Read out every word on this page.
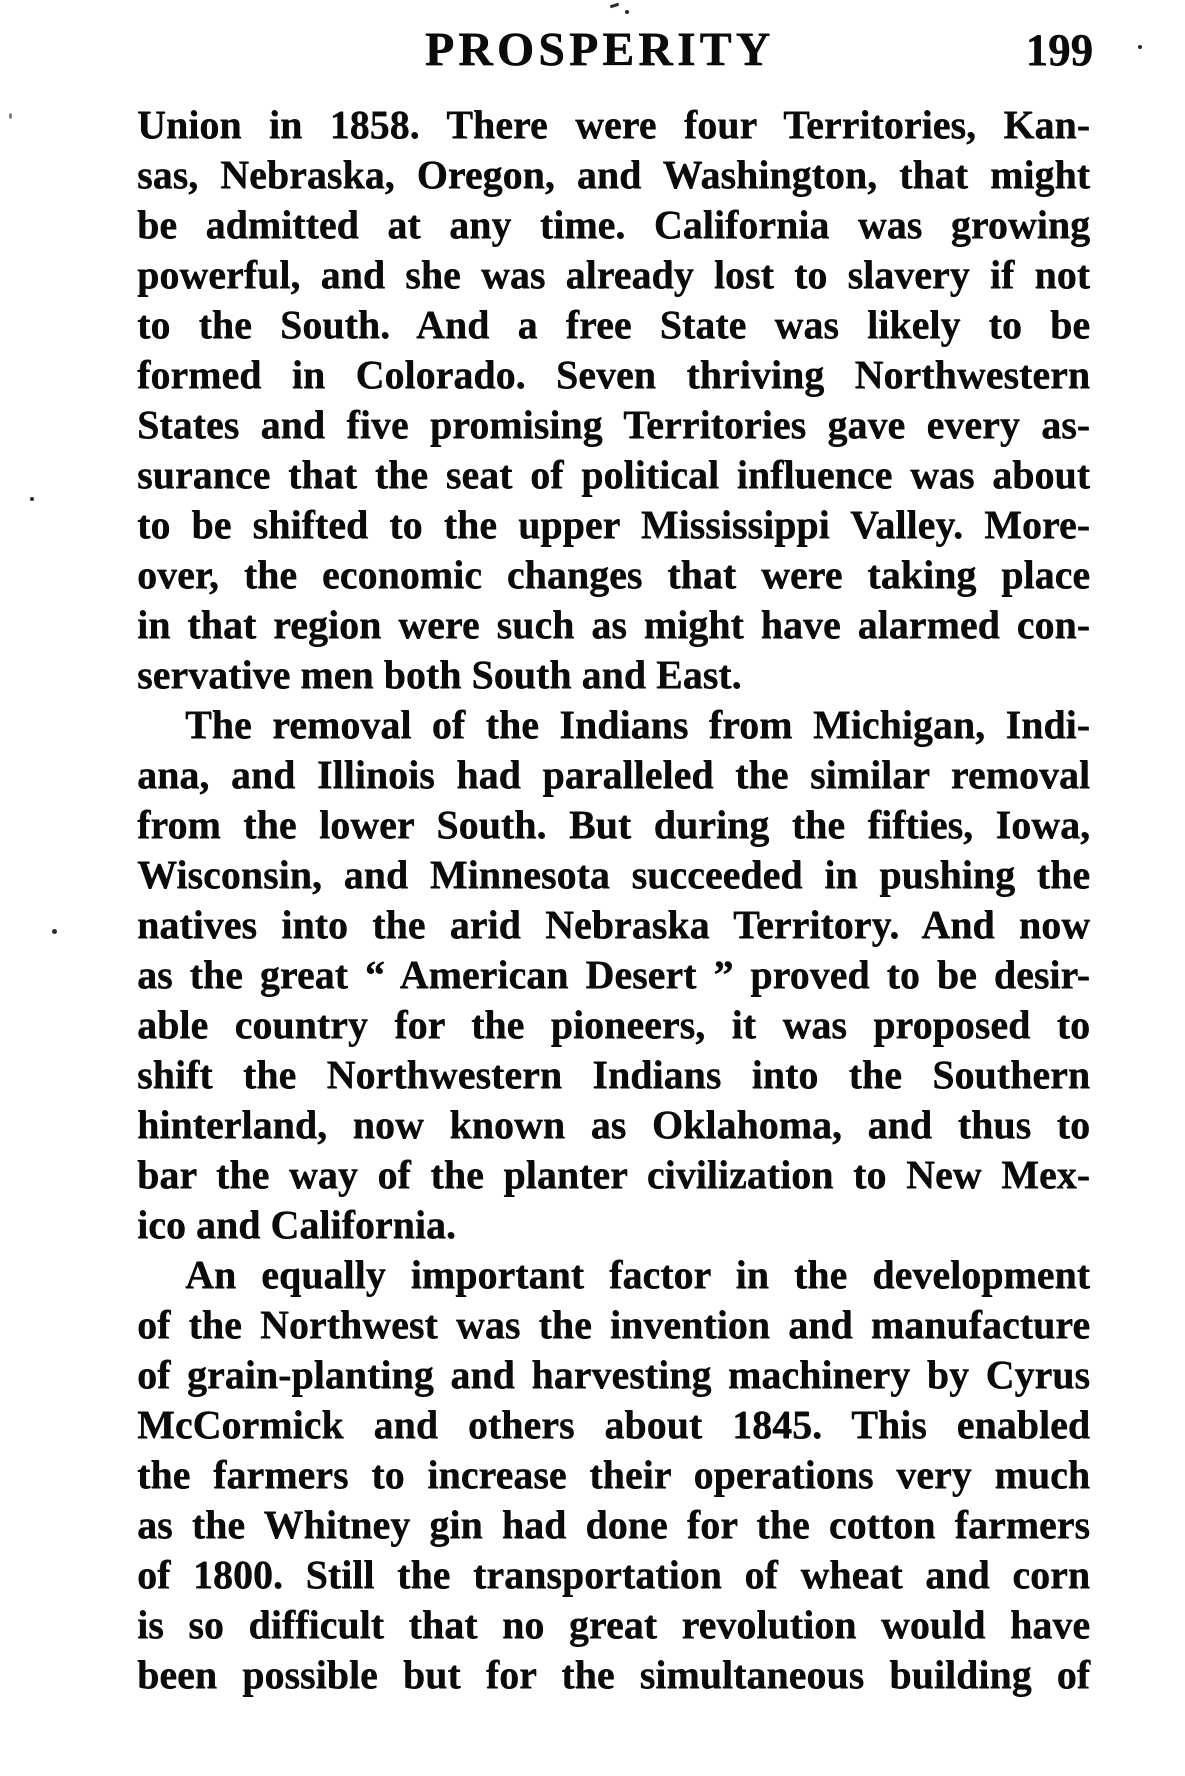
PROSPERITY	199
Union in 1858. There were four Territories, Kan-
sas, Nebraska, Oregon, and Washington, that might
be admitted at any time. California was growing
powerful, and she was already lost to slavery if not
to the South. And a free State was likely to be
formed in Colorado. Seven thriving Northwestern
States and five promising Territories gave every as-
surance that the seat of political influence was about
to be shifted to the upper Mississippi Valley. More-
over, the economic changes that were taking place
in that region were such as might have alarmed con-
servative men both South and East.
The removal of the Indians from Michigan, Indi-
ana, and Illinois had paralleled the similar removal
from the lower South. But during the fifties, Iowa,
Wisconsin, and Minnesota succeeded in pushing the
natives into the arid Nebraska Territory. And now
as the great “ American Desert ” proved to be desir-
able country for the pioneers, it was proposed to
shift the Northwestern Indians into the Southern
hinterland, now known as Oklahoma, and thus to
bar the way of the planter civilization to New Mex-
ico and California.
An equally important factor in the development
of the Northwest was the invention and manufacture
of grain-planting and harvesting machinery by Cyrus
McCormick and others about 1845. This enabled
the farmers to increase their operations very much
as the Whitney gin had done for the cotton farmers
of 1800. Still the transportation of wheat and corn
is so difficult that no great revolution would have
been possible but for the simultaneous building of
